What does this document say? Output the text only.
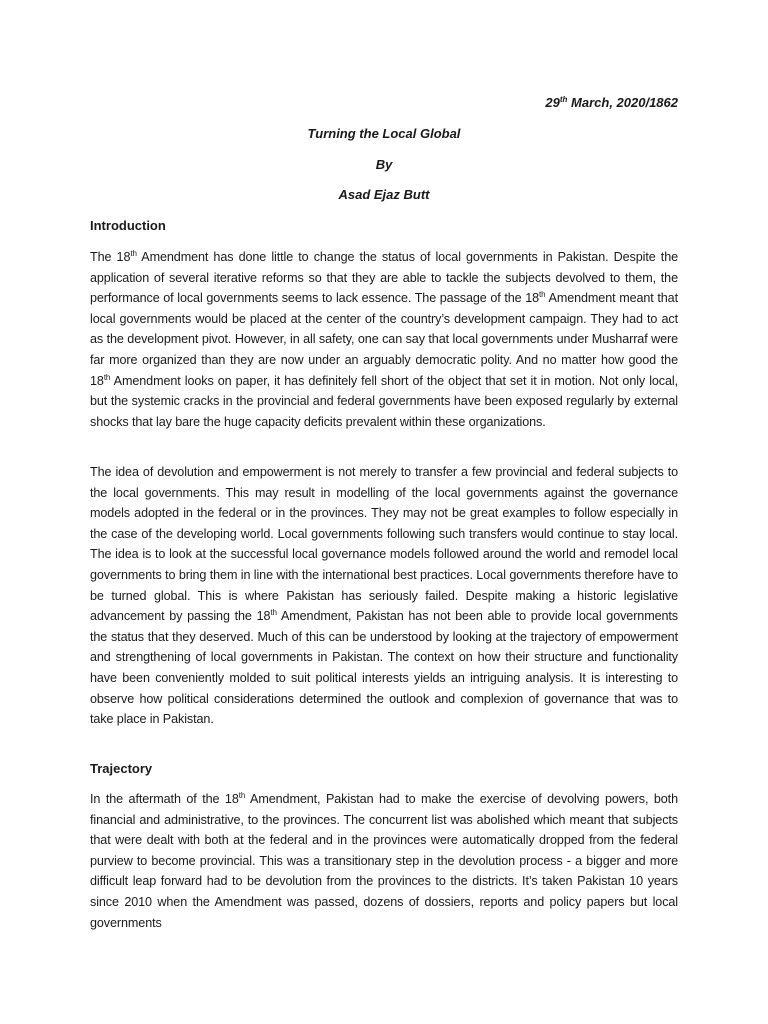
29th March, 2020/1862
Turning the Local Global
By
Asad Ejaz Butt
Introduction

The 18th Amendment has done little to change the status of local governments in Pakistan. Despite the application of several iterative reforms so that they are able to tackle the subjects devolved to them, the performance of local governments seems to lack essence. The passage of the 18th Amendment meant that local governments would be placed at the center of the country’s development campaign. They had to act as the development pivot. However, in all safety, one can say that local governments under Musharraf were far more organized than they are now under an arguably democratic polity. And no matter how good the 18th Amendment looks on paper, it has definitely fell short of the object that set it in motion. Not only local, but the systemic cracks in the provincial and federal governments have been exposed regularly by external shocks that lay bare the huge capacity deficits prevalent within these organizations.

The idea of devolution and empowerment is not merely to transfer a few provincial and federal subjects to the local governments. This may result in modelling of the local governments against the governance models adopted in the federal or in the provinces. They may not be great examples to follow especially in the case of the developing world. Local governments following such transfers would continue to stay local. The idea is to look at the successful local governance models followed around the world and remodel local governments to bring them in line with the international best practices. Local governments therefore have to be turned global. This is where Pakistan has seriously failed. Despite making a historic legislative advancement by passing the 18th Amendment, Pakistan has not been able to provide local governments the status that they deserved. Much of this can be understood by looking at the trajectory of empowerment and strengthening of local governments in Pakistan. The context on how their structure and functionality have been conveniently molded to suit political interests yields an intriguing analysis. It is interesting to observe how political considerations determined the outlook and complexion of governance that was to take place in Pakistan.

Trajectory

In the aftermath of the 18th Amendment, Pakistan had to make the exercise of devolving powers, both financial and administrative, to the provinces. The concurrent list was abolished which meant that subjects that were dealt with both at the federal and in the provinces were automatically dropped from the federal purview to become provincial. This was a transitionary step in the devolution process - a bigger and more difficult leap forward had to be devolution from the provinces to the districts. It’s taken Pakistan 10 years since 2010 when the Amendment was passed, dozens of dossiers, reports and policy papers but local governments
